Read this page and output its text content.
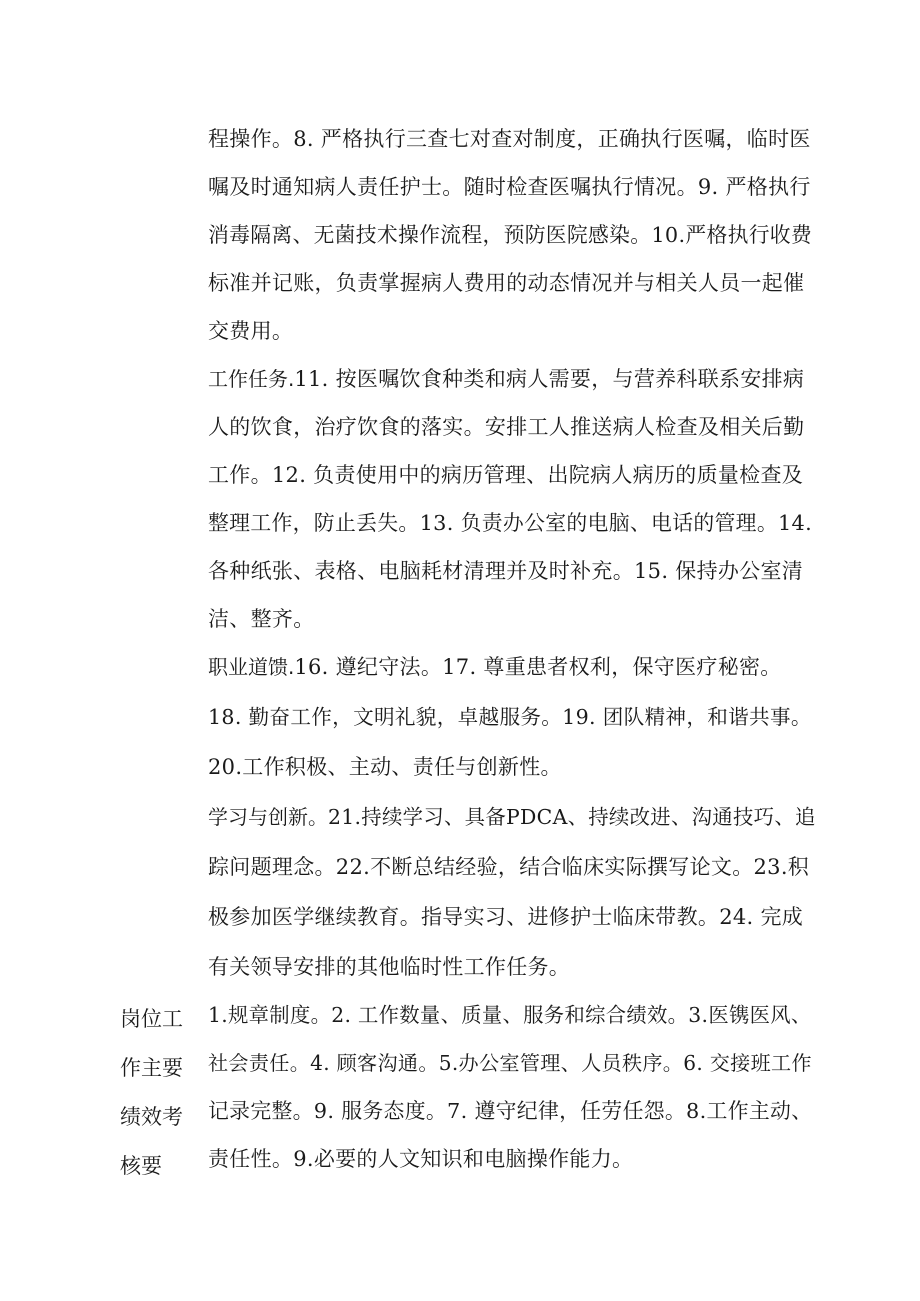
程操作。8. 严格执行三查七对查对制度，正确执行医嘱，临时医
嘱及时通知病人责任护士。随时检查医嘱执行情况。9. 严格执行
消毒隔离、无菌技术操作流程，预防医院感染。10.严格执行收费
标准并记账，负责掌握病人费用的动态情况并与相关人员一起催
交费用。
工作任务.11. 按医嘱饮食种类和病人需要，与营养科联系安排病
人的饮食，治疗饮食的落实。安排工人推送病人检查及相关后勤
工作。12. 负责使用中的病历管理、出院病人病历的质量检查及
整理工作，防止丢失。13. 负责办公室的电脑、电话的管理。14.
各种纸张、表格、电脑耗材清理并及时补充。15. 保持办公室清
洁、整齐。
职业道馈.16. 遵纪守法。17. 尊重患者权利，保守医疗秘密。
18. 勤奋工作，文明礼貌，卓越服务。19. 团队精神，和谐共事。
20.工作积极、主动、责任与创新性。
学习与创新。21.持续学习、具备PDCA、持续改进、沟通技巧、追
踪问题理念。22.不断总结经验，结合临床实际撰写论文。23.积
极参加医学继续教育。指导实习、进修护士临床带教。24. 完成
有关领导安排的其他临时性工作任务。
岗位工
作主要
绩效考
核要
1.规章制度。2. 工作数量、质量、服务和综合绩效。3.医镌医风、
社会责任。4. 顾客沟通。5.办公室管理、人员秩序。6. 交接班工作
记录完整。9. 服务态度。7. 遵守纪律，任劳任怨。8.工作主动、
责任性。9.必要的人文知识和电脑操作能力。
